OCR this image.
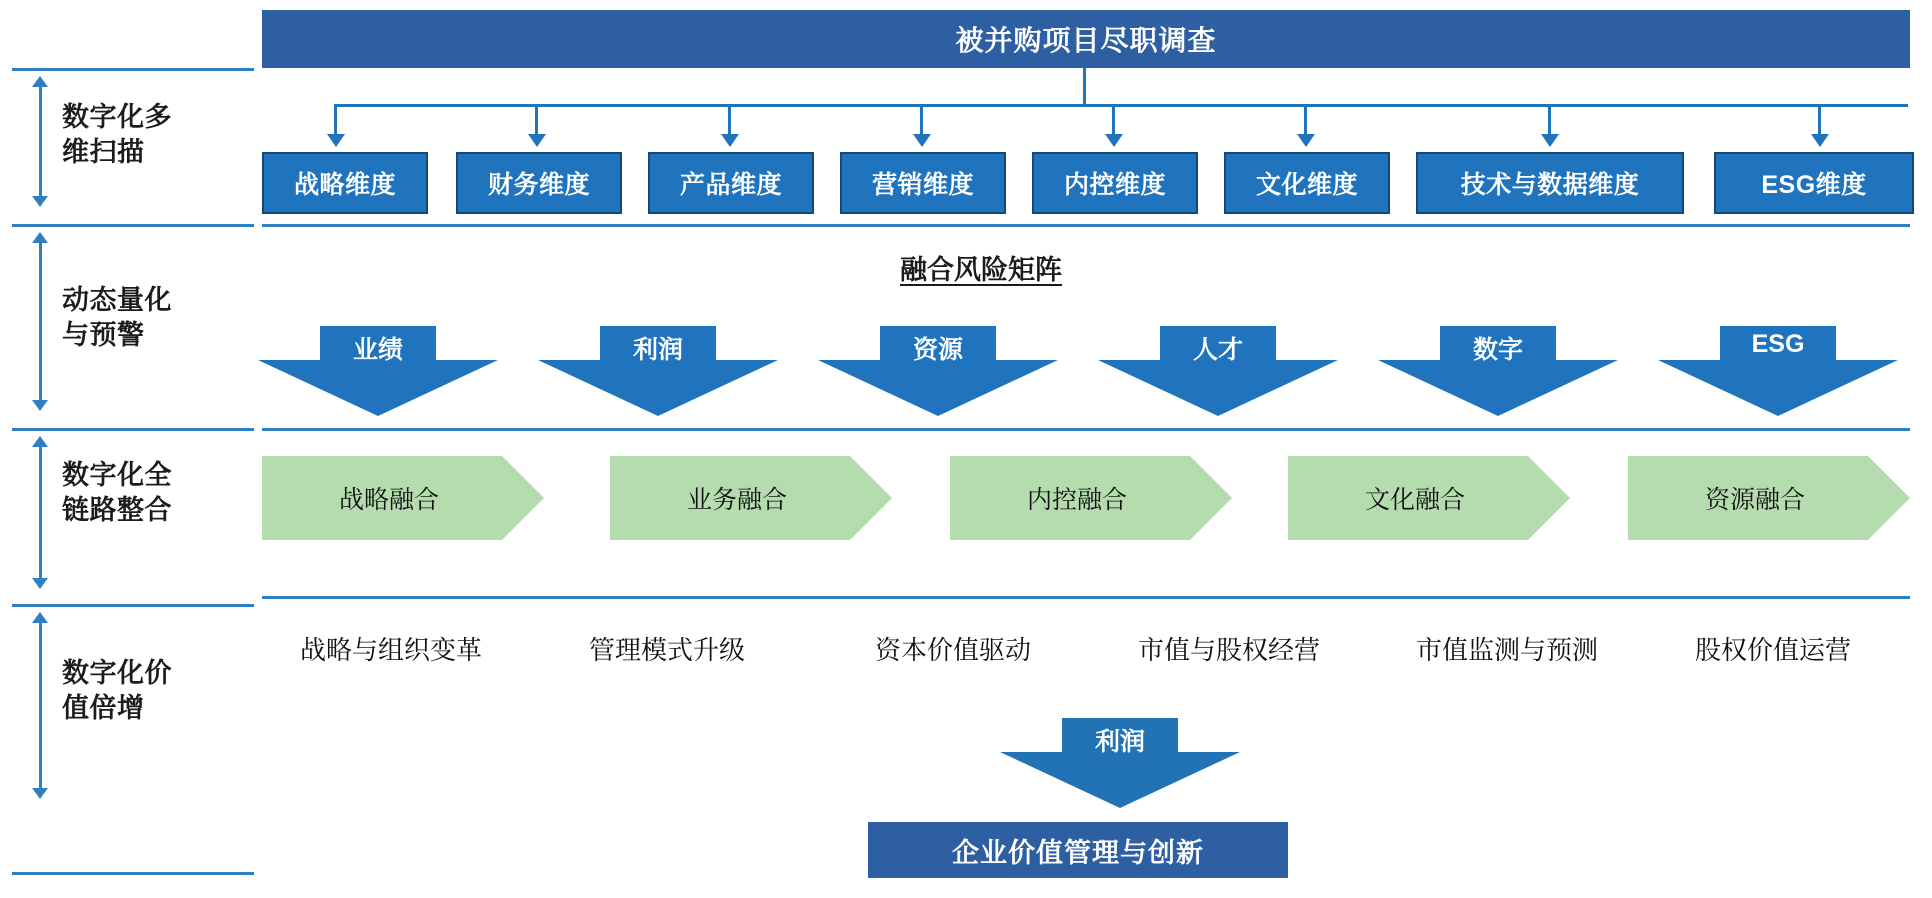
数字化多
维扫描
动态量化
与预警
数字化全
链路整合
数字化价
值倍增
被并购项目尽职调查
战略维度	财务维度	产品维度	营销维度	内控维度	文化维度	技术与数据维度	ESG维度
融合风险矩阵
业绩	利润	资源	人才	数字	ESG
战略融合	业务融合	内控融合	文化融合	资源融合
战略与组织变革	管理模式升级	资本价值驱动	市值与股权经营	市值监测与预测	股权价值运营
利润
企业价值管理与创新
